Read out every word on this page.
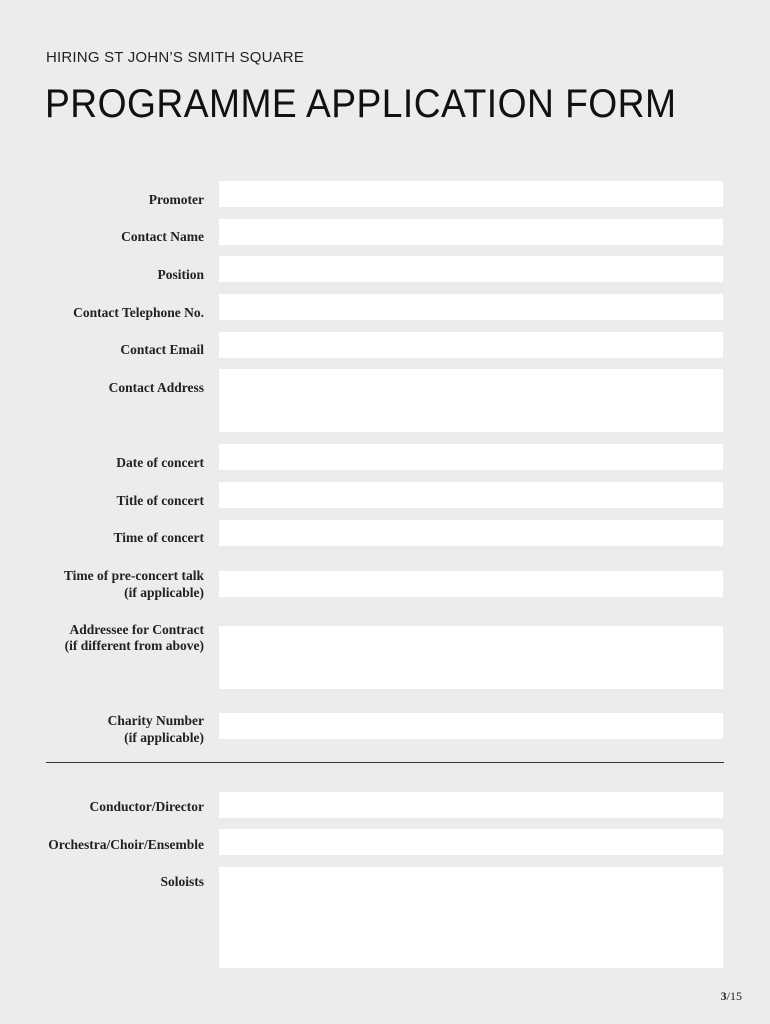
HIRING ST JOHN’S SMITH SQUARE
PROGRAMME APPLICATION FORM
Promoter
Contact Name
Position
Contact Telephone No.
Contact Email
Contact Address
Date of concert
Title of concert
Time of concert
Time of pre-concert talk
(if applicable)
Addressee for Contract
(if different from above)
Charity Number
(if applicable)
Conductor/Director
Orchestra/Choir/Ensemble
Soloists
3/15
